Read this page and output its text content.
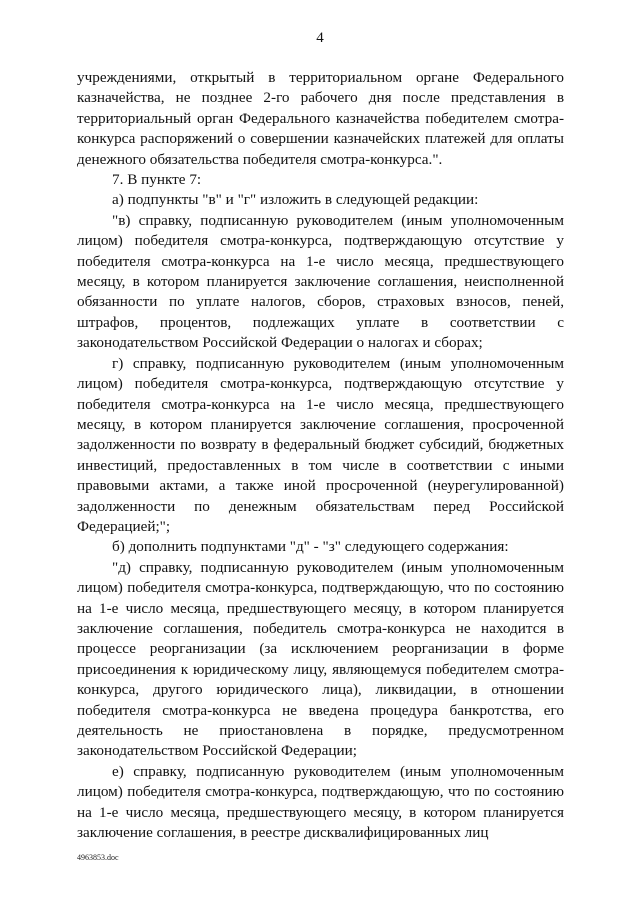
4

учреждениями, открытый в территориальном органе Федерального казначейства, не позднее 2-го рабочего дня после представления в территориальный орган Федерального казначейства победителем смотра-конкурса распоряжений о совершении казначейских платежей для оплаты денежного обязательства победителя смотра-конкурса.".

7. В пункте 7:

а) подпункты "в" и "г" изложить в следующей редакции:

"в) справку, подписанную руководителем (иным уполномоченным лицом) победителя смотра-конкурса, подтверждающую отсутствие у победителя смотра-конкурса на 1-е число месяца, предшествующего месяцу, в котором планируется заключение соглашения, неисполненной обязанности по уплате налогов, сборов, страховых взносов, пеней, штрафов, процентов, подлежащих уплате в соответствии с законодательством Российской Федерации о налогах и сборах;

г) справку, подписанную руководителем (иным уполномоченным лицом) победителя смотра-конкурса, подтверждающую отсутствие у победителя смотра-конкурса на 1-е число месяца, предшествующего месяцу, в котором планируется заключение соглашения, просроченной задолженности по возврату в федеральный бюджет субсидий, бюджетных инвестиций, предоставленных в том числе в соответствии с иными правовыми актами, а также иной просроченной (неурегулированной) задолженности по денежным обязательствам перед Российской Федерацией;";

б) дополнить подпунктами "д" - "з" следующего содержания:

"д) справку, подписанную руководителем (иным уполномоченным лицом) победителя смотра-конкурса, подтверждающую, что по состоянию на 1-е число месяца, предшествующего месяцу, в котором планируется заключение соглашения, победитель смотра-конкурса не находится в процессе реорганизации (за исключением реорганизации в форме присоединения к юридическому лицу, являющемуся победителем смотра-конкурса, другого юридического лица), ликвидации, в отношении победителя смотра-конкурса не введена процедура банкротства, его деятельность не приостановлена в порядке, предусмотренном законодательством Российской Федерации;

е) справку, подписанную руководителем (иным уполномоченным лицом) победителя смотра-конкурса, подтверждающую, что по состоянию на 1-е число месяца, предшествующего месяцу, в котором планируется заключение соглашения, в реестре дисквалифицированных лиц

4963853.doc
